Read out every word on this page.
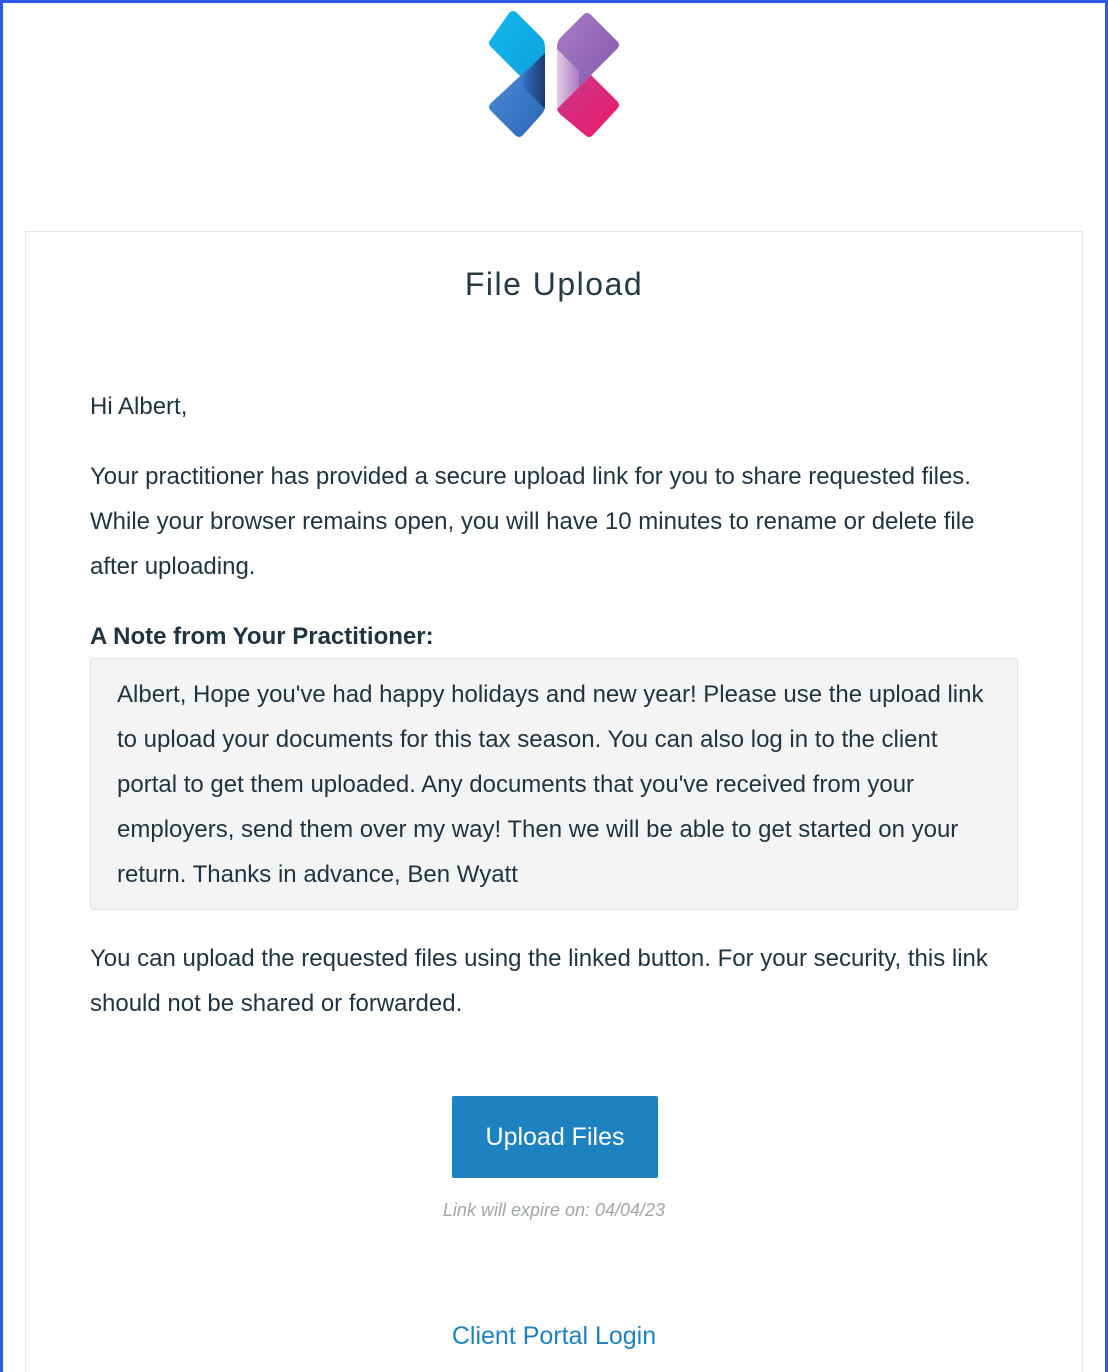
File Upload
Hi Albert,
Your practitioner has provided a secure upload link for you to share requested files. While your browser remains open, you will have 10 minutes to rename or delete file after uploading.
A Note from Your Practitioner:
Albert, Hope you've had happy holidays and new year! Please use the upload link to upload your documents for this tax season. You can also log in to the client portal to get them uploaded. Any documents that you've received from your employers, send them over my way! Then we will be able to get started on your return. Thanks in advance, Ben Wyatt
You can upload the requested files using the linked button. For your security, this link should not be shared or forwarded.
Upload Files
Link will expire on: 04/04/23
Client Portal Login
